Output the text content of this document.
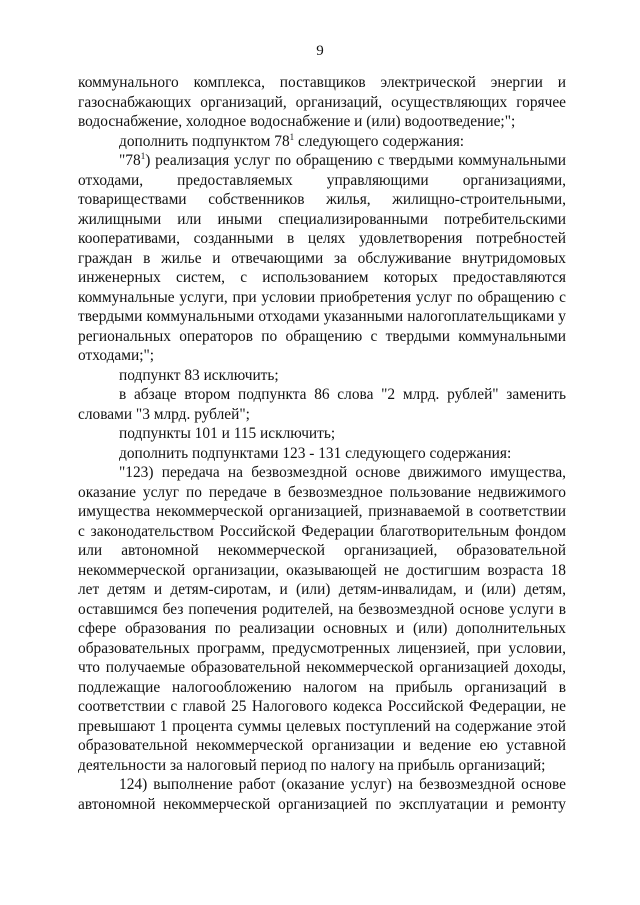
9

коммунального комплекса, поставщиков электрической энергии и газоснабжающих организаций, организаций, осуществляющих горячее водоснабжение, холодное водоснабжение и (или) водоотведение;";

дополнить подпунктом $78^1$ следующего содержания:

"$78^1$) реализация услуг по обращению с твердыми коммунальными отходами, предоставляемых управляющими организациями, товариществами собственников жилья, жилищно-строительными, жилищными или иными специализированными потребительскими кооперативами, созданными в целях удовлетворения потребностей граждан в жилье и отвечающими за обслуживание внутридомовых инженерных систем, с использованием которых предоставляются коммунальные услуги, при условии приобретения услуг по обращению с твердыми коммунальными отходами указанными налогоплательщиками у региональных операторов по обращению с твердыми коммунальными отходами;";

подпункт 83 исключить;

в абзаце втором подпункта 86 слова "2 млрд. рублей" заменить словами "3 млрд. рублей";

подпункты 101 и 115 исключить;

дополнить подпунктами 123 - 131 следующего содержания:

"123) передача на безвозмездной основе движимого имущества, оказание услуг по передаче в безвозмездное пользование недвижимого имущества некоммерческой организацией, признаваемой в соответствии с законодательством Российской Федерации благотворительным фондом или автономной некоммерческой организацией, образовательной некоммерческой организации, оказывающей не достигшим возраста 18 лет детям и детям-сиротам, и (или) детям-инвалидам, и (или) детям, оставшимся без попечения родителей, на безвозмездной основе услуги в сфере образования по реализации основных и (или) дополнительных образовательных программ, предусмотренных лицензией, при условии, что получаемые образовательной некоммерческой организацией доходы, подлежащие налогообложению налогом на прибыль организаций в соответствии с главой 25 Налогового кодекса Российской Федерации, не превышают 1 процента суммы целевых поступлений на содержание этой образовательной некоммерческой организации и ведение ею уставной деятельности за налоговый период по налогу на прибыль организаций;

124) выполнение работ (оказание услуг) на безвозмездной основе автономной некоммерческой организацией по эксплуатации и ремонту
